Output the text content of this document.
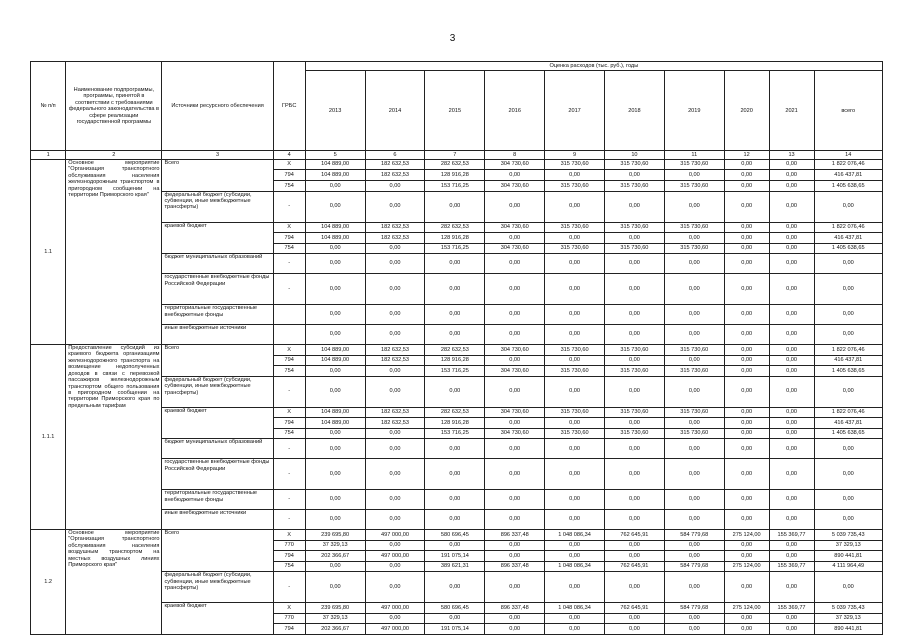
3
№ п/п	Наименование подпрограммы, программы, принятой в соответствии с требованиями федерального законодательства в сфере реализации государственной программы	Источники ресурсного обеспечения	ГРБС	Оценка расходов (тыс. руб.), годы									
				2013	2014	2015	2016	2017	2018	2019	2020	2021	всего
1	2	3	4	5	6	7	8	9	10	11	12	13	14
1.1	Основное мероприятие "Организация транспортного обслуживания населения железнодорожным транспортом в пригородном сообщении на территории Приморского края"	Всего	X	104 889,00	182 632,53	282 632,53	304 730,60	315 730,60	315 730,60	315 730,60	0,00	0,00	1 822 076,46
			794	104 889,00	182 632,53	128 916,28	0,00	0,00	0,00	0,00	0,00	0,00	416 437,81
			754	0,00	0,00	153 716,25	304 730,60	315 730,60	315 730,60	315 730,60	0,00	0,00	1 405 638,65
		федеральный бюджет (субсидии, субвенции, иные межбюджетные трансферты)	-	0,00	0,00	0,00	0,00	0,00	0,00	0,00	0,00	0,00	0,00
		краевой бюджет	X	104 889,00	182 632,53	282 632,53	304 730,60	315 730,60	315 730,60	315 730,60	0,00	0,00	1 822 076,46
			794	104 889,00	182 632,53	128 916,28	0,00	0,00	0,00	0,00	0,00	0,00	416 437,81
			754	0,00	0,00	153 716,25	304 730,60	315 730,60	315 730,60	315 730,60	0,00	0,00	1 405 638,65
		бюджет муниципальных образований	-	0,00	0,00	0,00	0,00	0,00	0,00	0,00	0,00	0,00	0,00
		государственные внебюджетные фонды Российской Федерации	-	0,00	0,00	0,00	0,00	0,00	0,00	0,00	0,00	0,00	0,00
		территориальные государственные внебюджетные фонды		0,00	0,00	0,00	0,00	0,00	0,00	0,00	0,00	0,00	0,00
		иные внебюджетные источники		0,00	0,00	0,00	0,00	0,00	0,00	0,00	0,00	0,00	0,00
1.1.1	Предоставление субсидий из краевого бюджета организациям железнодорожного транспорта на возмещение недополученных доходов в связи с перевозкой пассажиров железнодорожным транспортом общего пользования в пригородном сообщении на территории Приморского края по предельным тарифам	Всего	X	104 889,00	182 632,53	282 632,53	304 730,60	315 730,60	315 730,60	315 730,60	0,00	0,00	1 822 076,46
			794	104 889,00	182 632,53	128 916,28	0,00	0,00	0,00	0,00	0,00	0,00	416 437,81
			754	0,00	0,00	153 716,25	304 730,60	315 730,60	315 730,60	315 730,60	0,00	0,00	1 405 638,65
		федеральный бюджет (субсидии, субвенции, иные межбюджетные трансферты)	-	0,00	0,00	0,00	0,00	0,00	0,00	0,00	0,00	0,00	0,00
		краевой бюджет	X	104 889,00	182 632,53	282 632,53	304 730,60	315 730,60	315 730,60	315 730,60	0,00	0,00	1 822 076,46
			794	104 889,00	182 632,53	128 916,28	0,00	0,00	0,00	0,00	0,00	0,00	416 437,81
			754	0,00	0,00	153 716,25	304 730,60	315 730,60	315 730,60	315 730,60	0,00	0,00	1 405 638,65
		бюджет муниципальных образований	-	0,00	0,00	0,00	0,00	0,00	0,00	0,00	0,00	0,00	0,00
		государственные внебюджетные фонды Российской Федерации	-	0,00	0,00	0,00	0,00	0,00	0,00	0,00	0,00	0,00	0,00
		территориальные государственные внебюджетные фонды	-	0,00	0,00	0,00	0,00	0,00	0,00	0,00	0,00	0,00	0,00
		иные внебюджетные источники	-	0,00	0,00	0,00	0,00	0,00	0,00	0,00	0,00	0,00	0,00
1.2	Основное мероприятие "Организация транспортного обслуживания населения воздушным транспортом на местных воздушных линиях Приморского края"	Всего	X	239 695,80	497 000,00	580 696,45	896 337,48	1 048 086,34	762 645,91	584 779,68	275 124,00	155 369,77	5 039 735,43
			770	37 329,13	0,00	0,00	0,00	0,00	0,00	0,00	0,00	0,00	37 329,13
			794	202 366,67	497 000,00	191 075,14	0,00	0,00	0,00	0,00	0,00	0,00	890 441,81
			754	0,00	0,00	389 621,31	896 337,48	1 048 086,34	762 645,91	584 779,68	275 124,00	155 369,77	4 111 964,49
		федеральный бюджет (субсидии, субвенции, иные межбюджетные трансферты)	-	0,00	0,00	0,00	0,00	0,00	0,00	0,00	0,00	0,00	0,00
		краевой бюджет	X	239 695,80	497 000,00	580 696,45	896 337,48	1 048 086,34	762 645,91	584 779,68	275 124,00	155 369,77	5 039 735,43
			770	37 329,13	0,00	0,00	0,00	0,00	0,00	0,00	0,00	0,00	37 329,13
			794	202 366,67	497 000,00	191 075,14	0,00	0,00	0,00	0,00	0,00	0,00	890 441,81
